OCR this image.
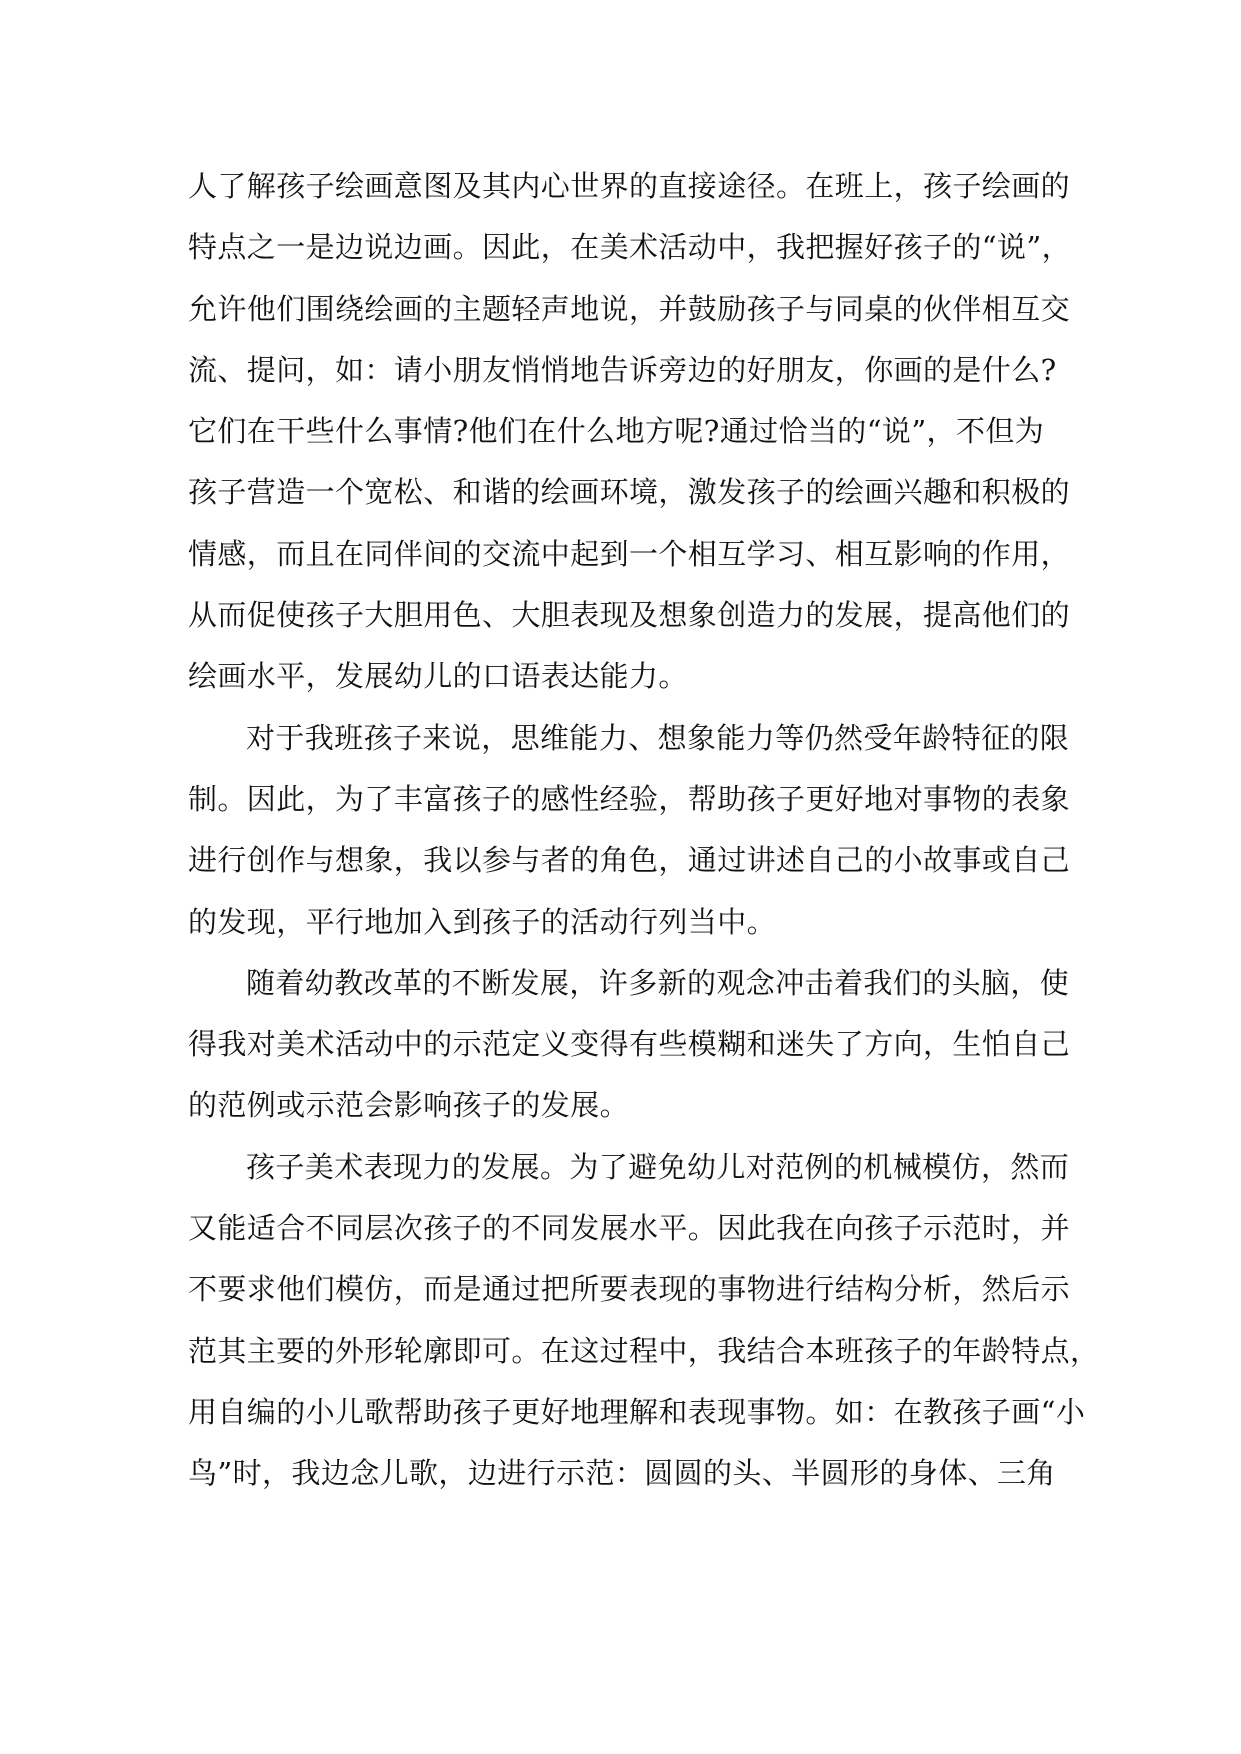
人了解孩子绘画意图及其内心世界的直接途径。在班上，孩子绘画的
特点之一是边说边画。因此，在美术活动中，我把握好孩子的“说”，
允许他们围绕绘画的主题轻声地说，并鼓励孩子与同桌的伙伴相互交
流、提问，如：请小朋友悄悄地告诉旁边的好朋友，你画的是什么?
它们在干些什么事情?他们在什么地方呢?通过恰当的“说”，不但为
孩子营造一个宽松、和谐的绘画环境，激发孩子的绘画兴趣和积极的
情感，而且在同伴间的交流中起到一个相互学习、相互影响的作用，
从而促使孩子大胆用色、大胆表现及想象创造力的发展，提高他们的
绘画水平，发展幼儿的口语表达能力。
对于我班孩子来说，思维能力、想象能力等仍然受年龄特征的限
制。因此，为了丰富孩子的感性经验，帮助孩子更好地对事物的表象
进行创作与想象，我以参与者的角色，通过讲述自己的小故事或自己
的发现，平行地加入到孩子的活动行列当中。
随着幼教改革的不断发展，许多新的观念冲击着我们的头脑，使
得我对美术活动中的示范定义变得有些模糊和迷失了方向，生怕自己
的范例或示范会影响孩子的发展。
孩子美术表现力的发展。为了避免幼儿对范例的机械模仿，然而
又能适合不同层次孩子的不同发展水平。因此我在向孩子示范时，并
不要求他们模仿，而是通过把所要表现的事物进行结构分析，然后示
范其主要的外形轮廓即可。在这过程中，我结合本班孩子的年龄特点，
用自编的小儿歌帮助孩子更好地理解和表现事物。如：在教孩子画“小
鸟”时，我边念儿歌，边进行示范：圆圆的头、半圆形的身体、三角
